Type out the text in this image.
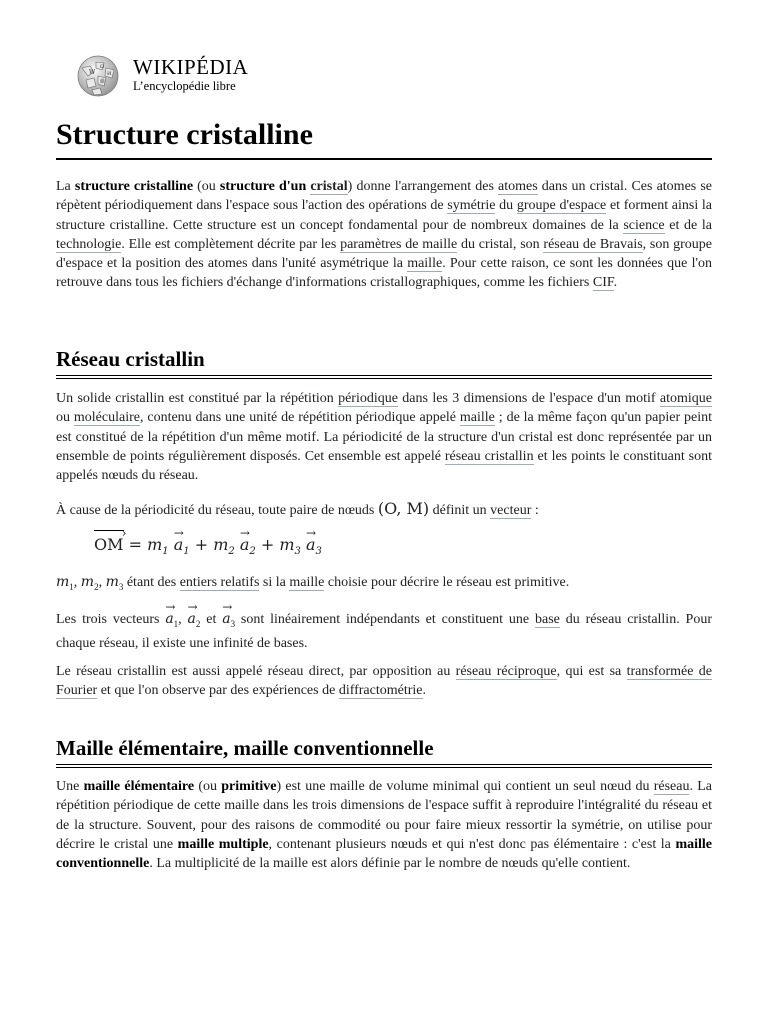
W
Ω
И
維
WIKIPÉDIA
L’encyclopédie libre
Structure cristalline

La structure cristalline (ou structure d'un cristal) donne l'arrangement des atomes dans un cristal. Ces atomes se répètent périodiquement dans l'espace sous l'action des opérations de symétrie du groupe d'espace et forment ainsi la structure cristalline. Cette structure est un concept fondamental pour de nombreux domaines de la science et de la technologie. Elle est complètement décrite par les paramètres de maille du cristal, son réseau de Bravais, son groupe d'espace et la position des atomes dans l'unité asymétrique la maille. Pour cette raison, ce sont les données que l'on retrouve dans tous les fichiers d'échange d'informations cristallographiques, comme les fichiers CIF.

Réseau cristallin

Un solide cristallin est constitué par la répétition périodique dans les 3 dimensions de l'espace d'un motif atomique ou moléculaire, contenu dans une unité de répétition périodique appelé maille ; de la même façon qu'un papier peint est constitué de la répétition d'un même motif. La périodicité de la structure d'un cristal est donc représentée par un ensemble de points régulièrement disposés. Cet ensemble est appelé réseau cristallin et les points le constituant sont appelés nœuds du réseau.

À cause de la périodicité du réseau, toute paire de nœuds (O, M) définit un vecteur :

OM › = $m_1 \to a_1 + m_2 \to a_2 + m_3 \to a_3$

$m_1$, $m_2$, $m_3$ étant des entiers relatifs si la maille choisie pour décrire le réseau est primitive.

Les trois vecteurs → $a_1$, → $a_2$ et → $a_3$ sont linéairement indépendants et constituent une base du réseau cristallin. Pour chaque réseau, il existe une infinité de bases.

Le réseau cristallin est aussi appelé réseau direct, par opposition au réseau réciproque, qui est sa transformée de Fourier et que l'on observe par des expériences de diffractométrie.

Maille élémentaire, maille conventionnelle

Une maille élémentaire (ou primitive) est une maille de volume minimal qui contient un seul nœud du réseau. La répétition périodique de cette maille dans les trois dimensions de l'espace suffit à reproduire l'intégralité du réseau et de la structure. Souvent, pour des raisons de commodité ou pour faire mieux ressortir la symétrie, on utilise pour décrire le cristal une maille multiple, contenant plusieurs nœuds et qui n'est donc pas élémentaire : c'est la maille conventionnelle. La multiplicité de la maille est alors définie par le nombre de nœuds qu'elle contient.
